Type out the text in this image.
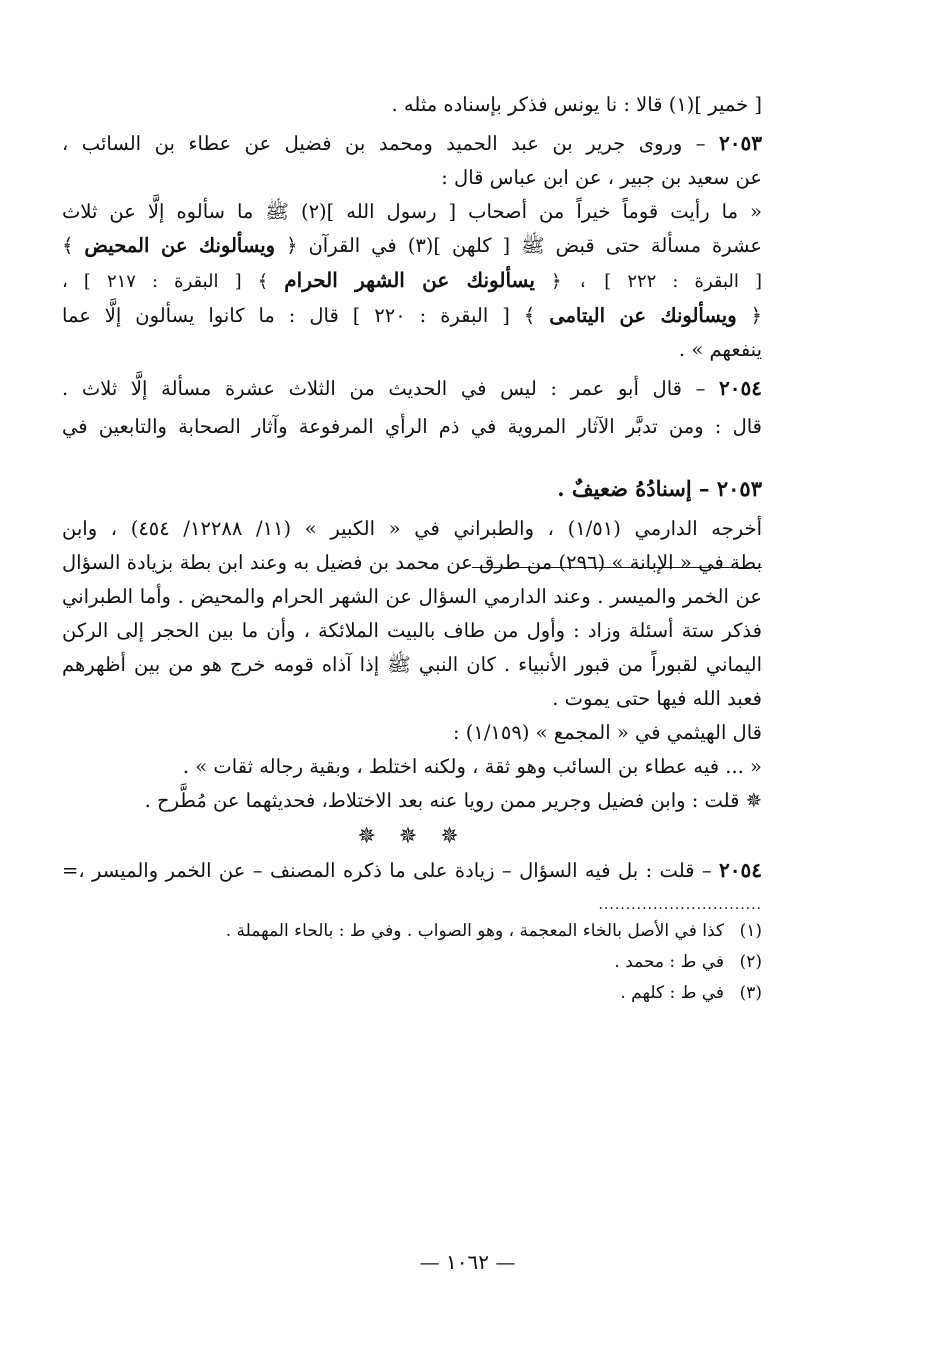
[ خمير ](١) قالا : نا يونس فذكر بإسناده مثله .

٢٠٥٣ – وروى جرير بن عبد الحميد ومحمد بن فضيل عن عطاء بن السائب ،

عن سعيد بن جبير ، عن ابن عباس قال :

« ما رأيت قوماً خيراً من أصحاب [ رسول الله ](٢) ﷺ ما سألوه إلَّا عن ثلاث

عشرة مسألة حتى قبض ﷺ [ كلهن ](٣) في القرآن ﴿ ويسألونك عن المحيض ﴾

[ البقرة : ٢٢٢ ] ، ﴿ يسألونك عن الشهر الحرام ﴾ [ البقرة : ٢١٧ ] ،

﴿ ويسألونك عن اليتامى ﴾ [ البقرة : ٢٢٠ ] قال : ما كانوا يسألون إلَّا عما

ينفعهم » .

٢٠٥٤ – قال أبو عمر : ليس في الحديث من الثلاث عشرة مسألة إلَّا ثلاث .

قال : ومن تدبَّر الآثار المروية في ذم الرأي المرفوعة وآثار الصحابة والتابعين في

٢٠٥٣ – إسنادُهُ ضعيفٌ .

أخرجه الدارمي (١/٥١) ، والطبراني في « الكبير » (١١/ ١٢٢٨٨/ ٤٥٤) ، وابن

بطة في « الإبانة » (٢٩٦) من طرق عن محمد بن فضيل به وعند ابن بطة بزيادة السؤال

عن الخمر والميسر . وعند الدارمي السؤال عن الشهر الحرام والمحيض . وأما الطبراني

فذكر ستة أسئلة وزاد : وأول من طاف بالبيت الملائكة ، وأن ما بين الحجر إلى الركن

اليماني لقبوراً من قبور الأنبياء . كان النبي ﷺ إذا آذاه قومه خرج هو من بين أظهرهم

فعبد الله فيها حتى يموت .

قال الهيثمي في « المجمع » (١/١٥٩) :

« ... فيه عطاء بن السائب وهو ثقة ، ولكنه اختلط ، وبقية رجاله ثقات » .

✵ قلت : وابن فضيل وجرير ممن رويا عنه بعد الاختلاط، فحديثهما عن مُطَّرح .

✵ ✵ ✵

٢٠٥٤ – قلت : بل فيه السؤال – زيادة على ما ذكره المصنف – عن الخمر والميسر ،=

..............................

(١)كذا في الأصل بالخاء المعجمة ، وهو الصواب . وفي ط : بالحاء المهملة .

(٢)في ط : محمد .

(٣)في ط : كلهم .

— ١٠٦٢ —
